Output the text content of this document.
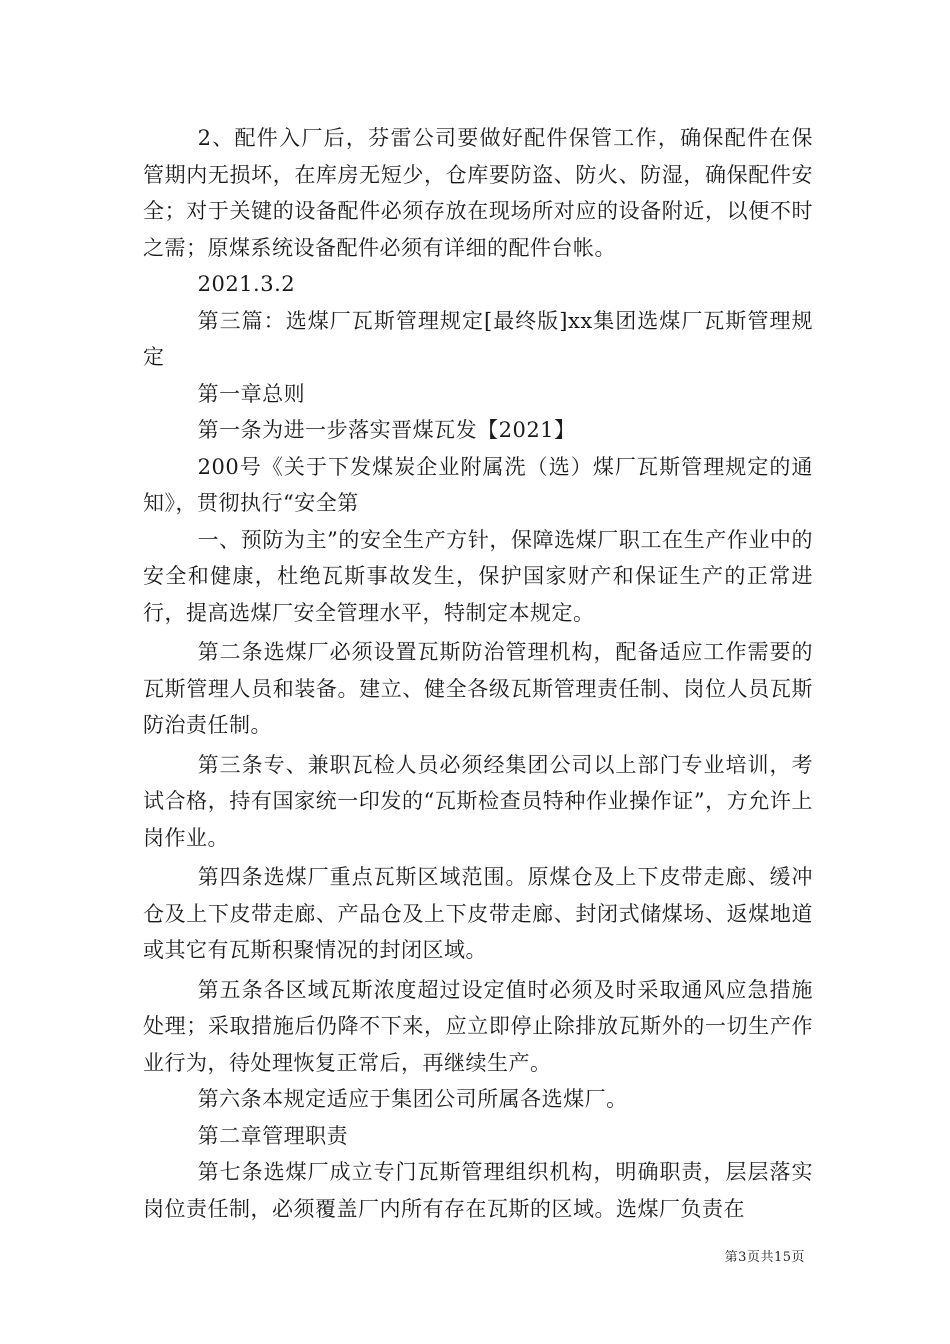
2、配件入厂后，芬雷公司要做好配件保管工作，确保配件在保管期内无损坏，在库房无短少，仓库要防盗、防火、防湿，确保配件安全；对于关键的设备配件必须存放在现场所对应的设备附近，以便不时之需；原煤系统设备配件必须有详细的配件台帐。

2021.3.2

第三篇：选煤厂瓦斯管理规定[最终版]xx集团选煤厂瓦斯管理规定

第一章总则

第一条为进一步落实晋煤瓦发【2021】

200号《关于下发煤炭企业附属洗（选）煤厂瓦斯管理规定的通知》，贯彻执行“安全第

一、预防为主”的安全生产方针，保障选煤厂职工在生产作业中的安全和健康，杜绝瓦斯事故发生，保护国家财产和保证生产的正常进行，提高选煤厂安全管理水平，特制定本规定。

第二条选煤厂必须设置瓦斯防治管理机构，配备适应工作需要的瓦斯管理人员和装备。建立、健全各级瓦斯管理责任制、岗位人员瓦斯防治责任制。

第三条专、兼职瓦检人员必须经集团公司以上部门专业培训，考试合格，持有国家统一印发的“瓦斯检查员特种作业操作证”，方允许上岗作业。

第四条选煤厂重点瓦斯区域范围。原煤仓及上下皮带走廊、缓冲仓及上下皮带走廊、产品仓及上下皮带走廊、封闭式储煤场、返煤地道或其它有瓦斯积聚情况的封闭区域。

第五条各区域瓦斯浓度超过设定值时必须及时采取通风应急措施处理；采取措施后仍降不下来，应立即停止除排放瓦斯外的一切生产作业行为，待处理恢复正常后，再继续生产。

第六条本规定适应于集团公司所属各选煤厂。

第二章管理职责

第七条选煤厂成立专门瓦斯管理组织机构，明确职责，层层落实岗位责任制，必须覆盖厂内所有存在瓦斯的区域。选煤厂负责在

第3页共15页
